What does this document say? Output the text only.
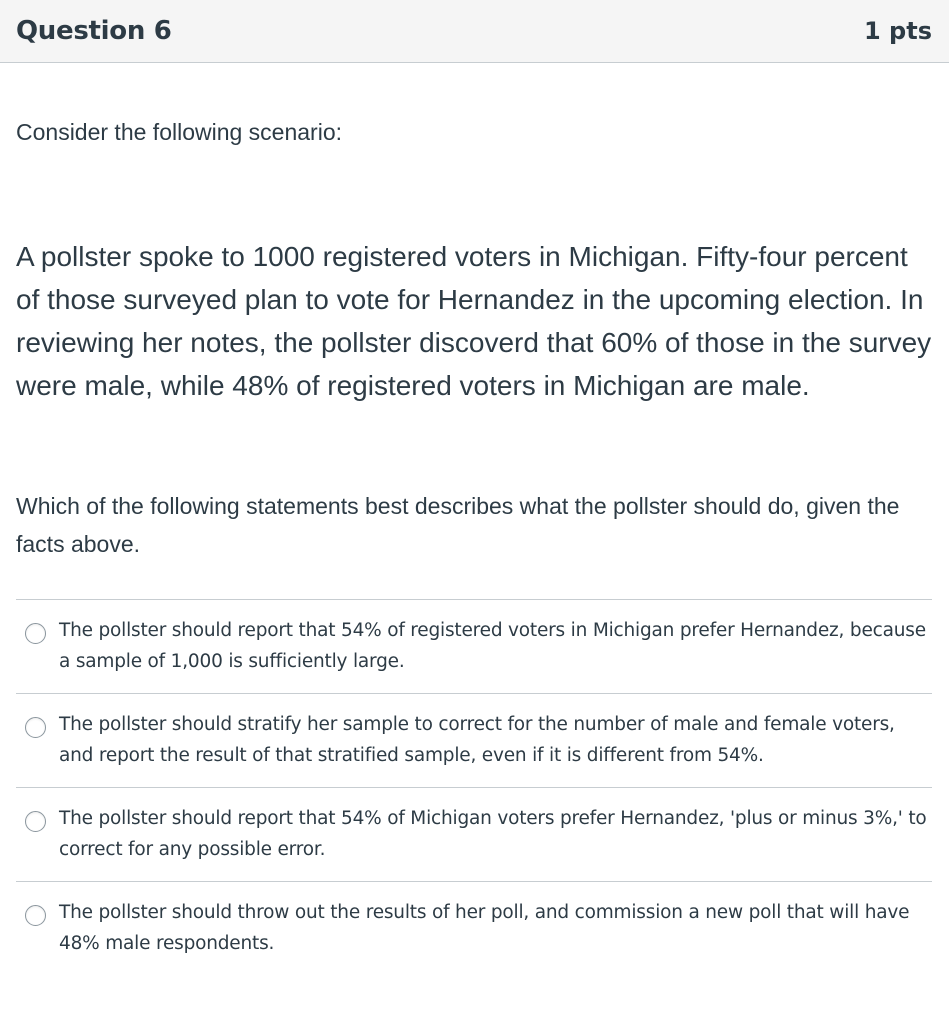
Question 6	1 pts

Consider the following scenario:

A pollster spoke to 1000 registered voters in Michigan. Fifty-four percent of those surveyed plan to vote for Hernandez in the upcoming election. In reviewing her notes, the pollster discoverd that 60% of those in the survey were male, while 48% of registered voters in Michigan are male.

Which of the following statements best describes what the pollster should do, given the facts above.

The pollster should report that 54% of registered voters in Michigan prefer Hernandez, because a sample of 1,000 is sufficiently large.
The pollster should stratify her sample to correct for the number of male and female voters, and report the result of that stratified sample, even if it is different from 54%.
The pollster should report that 54% of Michigan voters prefer Hernandez, 'plus or minus 3%,' to correct for any possible error.
The pollster should throw out the results of her poll, and commission a new poll that will have 48% male respondents.
